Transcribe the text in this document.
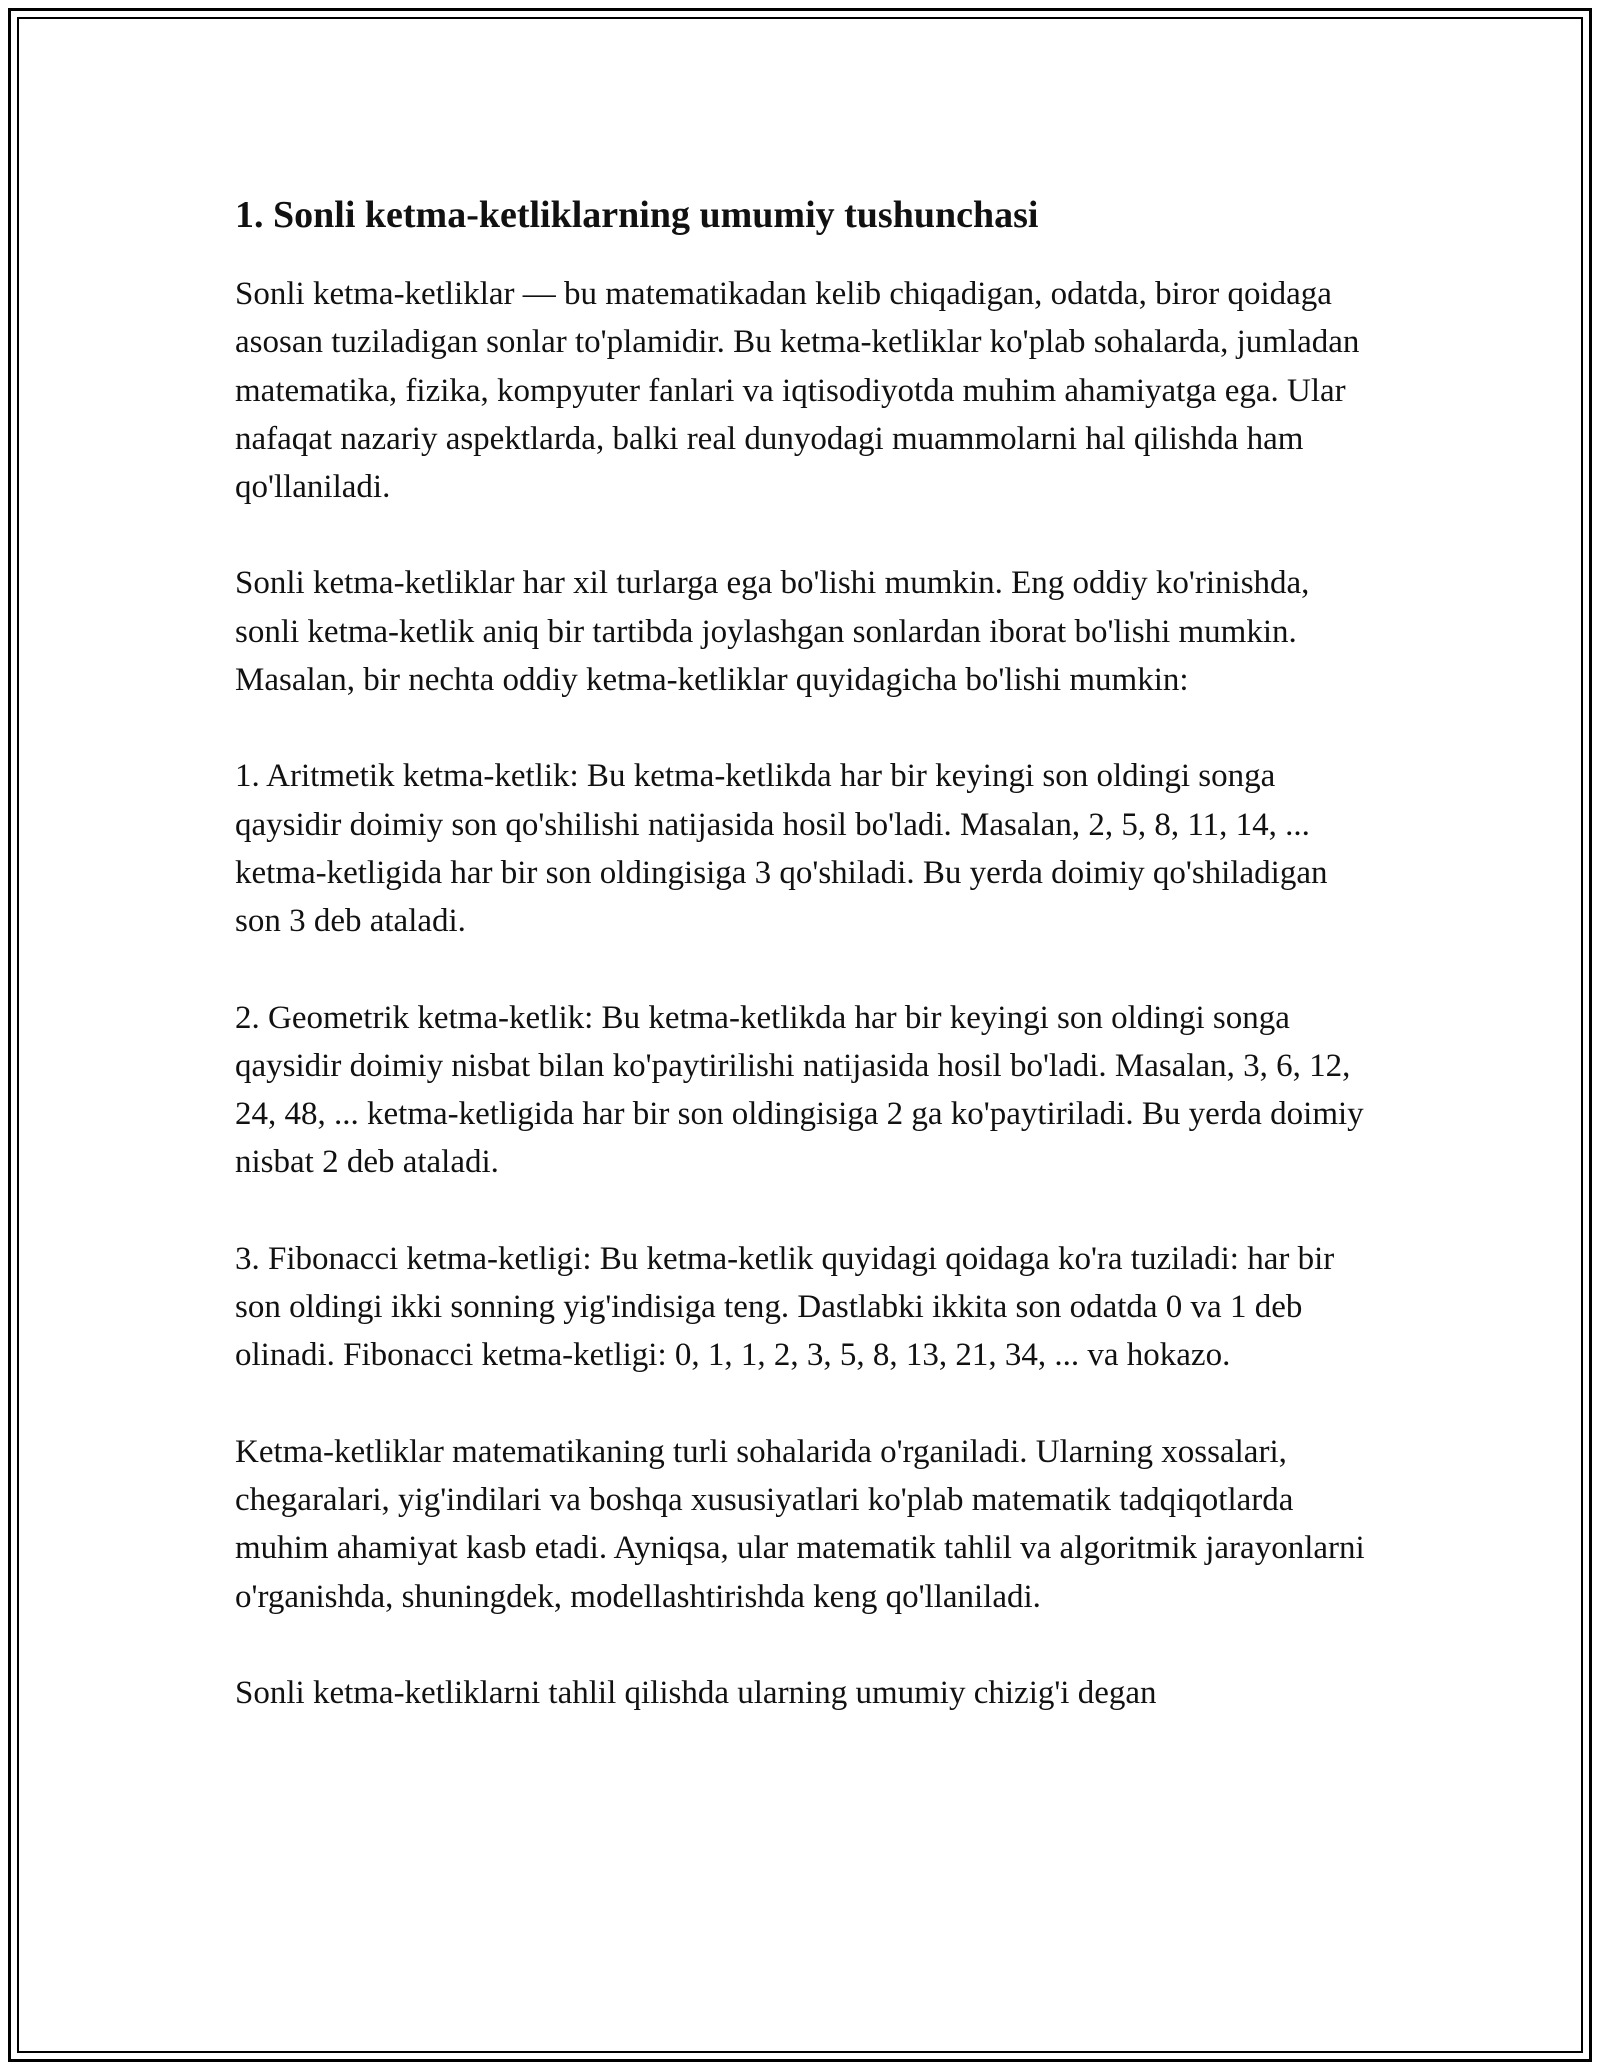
1. Sonli ketma-ketliklarning umumiy tushunchasi

Sonli ketma-ketliklar — bu matematikadan kelib chiqadigan, odatda, biror qoidaga asosan tuziladigan sonlar to'plamidir. Bu ketma-ketliklar ko'plab sohalarda, jumladan matematika, fizika, kompyuter fanlari va iqtisodiyotda muhim ahamiyatga ega. Ular nafaqat nazariy aspektlarda, balki real dunyodagi muammolarni hal qilishda ham qo'llaniladi.

Sonli ketma-ketliklar har xil turlarga ega bo'lishi mumkin. Eng oddiy ko'rinishda, sonli ketma-ketlik aniq bir tartibda joylashgan sonlardan iborat bo'lishi mumkin. Masalan, bir nechta oddiy ketma-ketliklar quyidagicha bo'lishi mumkin:

1. Aritmetik ketma-ketlik: Bu ketma-ketlikda har bir keyingi son oldingi songa qaysidir doimiy son qo'shilishi natijasida hosil bo'ladi. Masalan, 2, 5, 8, 11, 14, ... ketma-ketligida har bir son oldingisiga 3 qo'shiladi. Bu yerda doimiy qo'shiladigan son 3 deb ataladi.

2. Geometrik ketma-ketlik: Bu ketma-ketlikda har bir keyingi son oldingi songa qaysidir doimiy nisbat bilan ko'paytirilishi natijasida hosil bo'ladi. Masalan, 3, 6, 12, 24, 48, ... ketma-ketligida har bir son oldingisiga 2 ga ko'paytiriladi. Bu yerda doimiy nisbat 2 deb ataladi.

3. Fibonacci ketma-ketligi: Bu ketma-ketlik quyidagi qoidaga ko'ra tuziladi: har bir son oldingi ikki sonning yig'indisiga teng. Dastlabki ikkita son odatda 0 va 1 deb olinadi. Fibonacci ketma-ketligi: 0, 1, 1, 2, 3, 5, 8, 13, 21, 34, ... va hokazo.

Ketma-ketliklar matematikaning turli sohalarida o'rganiladi. Ularning xossalari, chegaralari, yig'indilari va boshqa xususiyatlari ko'plab matematik tadqiqotlarda muhim ahamiyat kasb etadi. Ayniqsa, ular matematik tahlil va algoritmik jarayonlarni o'rganishda, shuningdek, modellashtirishda keng qo'llaniladi.

Sonli ketma-ketliklarni tahlil qilishda ularning umumiy chizig'i degan
